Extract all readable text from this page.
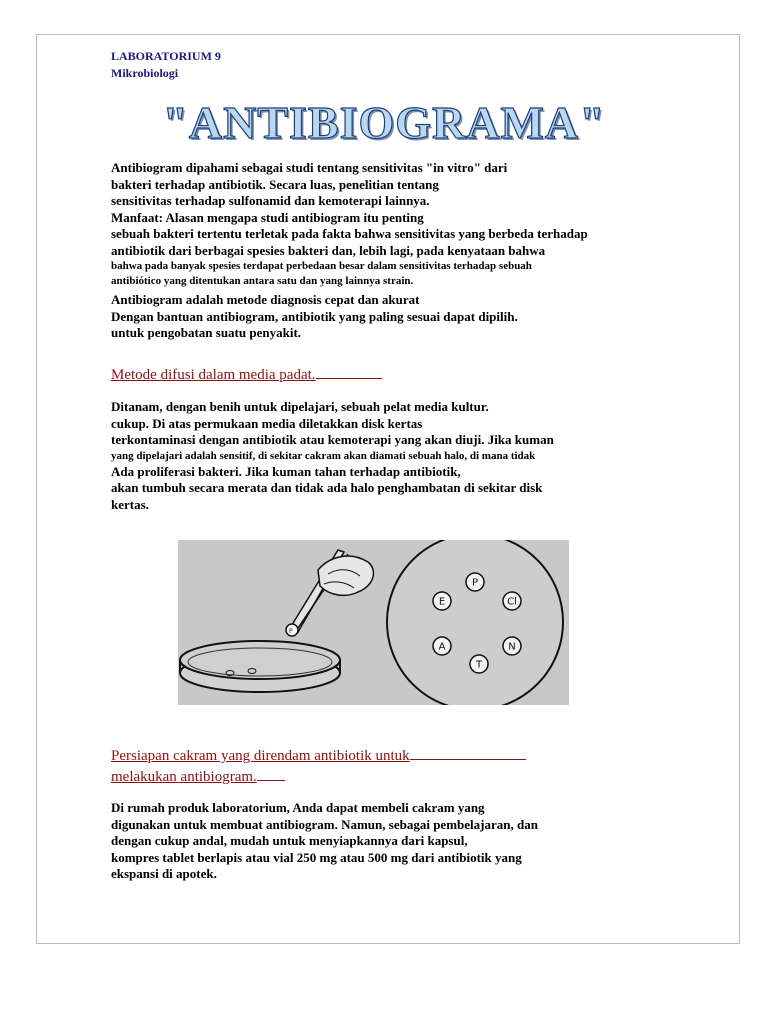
LABORATORIUM 9
Mikrobiologi
"ANTIBIOGRAMA"
Antibiogram dipahami sebagai studi tentang sensitivitas "in vitro" dari
bakteri terhadap antibiotik. Secara luas, penelitian tentang
sensitivitas terhadap sulfonamid dan kemoterapi lainnya.
Manfaat: Alasan mengapa studi antibiogram itu penting
sebuah bakteri tertentu terletak pada fakta bahwa sensitivitas yang berbeda terhadap
antibiotik dari berbagai spesies bakteri dan, lebih lagi, pada kenyataan bahwa
bahwa pada banyak spesies terdapat perbedaan besar dalam sensitivitas terhadap sebuah
antibiótico yang ditentukan antara satu dan yang lainnya strain.
Antibiogram adalah metode diagnosis cepat dan akurat
Dengan bantuan antibiogram, antibiotik yang paling sesuai dapat dipilih.
untuk pengobatan suatu penyakit.
Metode difusi dalam media padat.
Ditanam, dengan benih untuk dipelajari, sebuah pelat media kultur.
cukup. Di atas permukaan media diletakkan disk kertas
terkontaminasi dengan antibiotik atau kemoterapi yang akan diuji. Jika kuman
yang dipelajari adalah sensitif, di sekitar cakram akan diamati sebuah halo, di mana tidak
Ada proliferasi bakteri. Jika kuman tahan terhadap antibiotik,
akan tumbuh secara merata dan tidak ada halo penghambatan di sekitar disk
kertas.
P
P
E	Cl
A	N
T
Persiapan cakram yang direndam antibiotik untuk
melakukan antibiogram.
Di rumah produk laboratorium, Anda dapat membeli cakram yang
digunakan untuk membuat antibiogram. Namun, sebagai pembelajaran, dan
dengan cukup andal, mudah untuk menyiapkannya dari kapsul,
kompres tablet berlapis atau vial 250 mg atau 500 mg dari antibiotik yang
ekspansi di apotek.
